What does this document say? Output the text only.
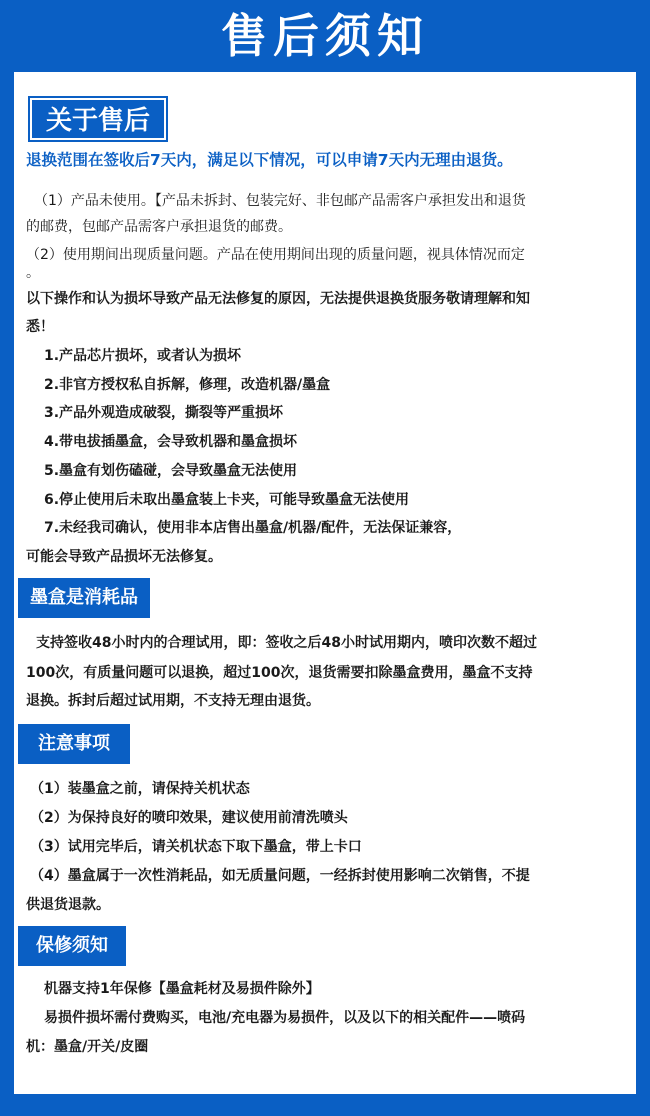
售后须知
关于售后
退换范围在签收后7天内，满足以下情况，可以申请7天内无理由退货。
（1）产品未使用。【产品未拆封、包装完好、非包邮产品需客户承担发出和退货
的邮费，包邮产品需客户承担退货的邮费。
（2）使用期间出现质量问题。产品在使用期间出现的质量问题，视具体情况而定
。
以下操作和认为损坏导致产品无法修复的原因，无法提供退换货服务敬请理解和知
悉！
1.产品芯片损坏，或者认为损坏
2.非官方授权私自拆解，修理，改造机器/墨盒
3.产品外观造成破裂，撕裂等严重损坏
4.带电拔插墨盒，会导致机器和墨盒损坏
5.墨盒有划伤磕碰，会导致墨盒无法使用
6.停止使用后未取出墨盒装上卡夹，可能导致墨盒无法使用
7.未经我司确认，使用非本店售出墨盒/机器/配件，无法保证兼容，
可能会导致产品损坏无法修复。
墨盒是消耗品
支持签收48小时内的合理试用，即：签收之后48小时试用期内，喷印次数不超过
100次，有质量问题可以退换，超过100次，退货需要扣除墨盒费用，墨盒不支持
退换。拆封后超过试用期，不支持无理由退货。
注意事项
（1）装墨盒之前，请保持关机状态
（2）为保持良好的喷印效果，建议使用前清洗喷头
（3）试用完毕后，请关机状态下取下墨盒，带上卡口
（4）墨盒属于一次性消耗品，如无质量问题，一经拆封使用影响二次销售，不提
供退货退款。
保修须知
机器支持1年保修【墨盒耗材及易损件除外】
易损件损坏需付费购买，电池/充电器为易损件，以及以下的相关配件——喷码
机：墨盒/开关/皮圈
